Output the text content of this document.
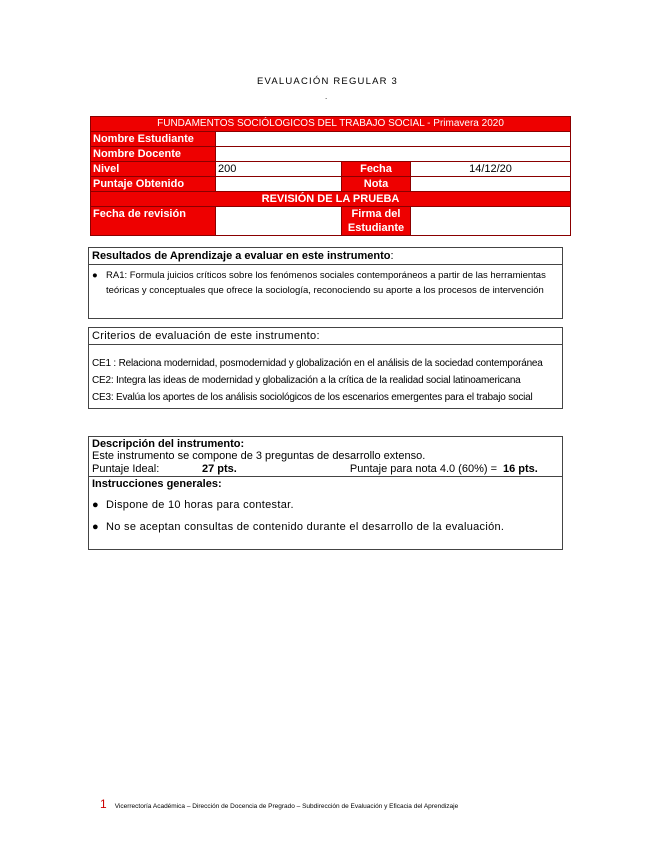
EVALUACIÓN REGULAR 3
.
FUNDAMENTOS SOCIÓLOGICOS DEL TRABAJO SOCIAL - Primavera 2020			
Nombre Estudiante			
Nombre Docente			
Nivel	200	Fecha	14/12/20
Puntaje Obtenido		Nota	
REVISIÓN DE LA PRUEBA			
Fecha de revisión		Firma del Estudiante	
Resultados de Aprendizaje a evaluar en este instrumento:
● RA1: Formula juicios críticos sobre los fenómenos sociales contemporáneos a partir de las herramientas teóricas y conceptuales que ofrece la sociología, reconociendo su aporte a los procesos de intervención
Criterios de evaluación de este instrumento:
CE1 : Relaciona modernidad, posmodernidad y globalización en el análisis de la sociedad contemporánea
CE2: Integra las ideas de modernidad y globalización a la crítica de la realidad social latinoamericana
CE3: Evalúa los aportes de los análisis sociológicos de los escenarios emergentes para el trabajo social
Descripción del instrumento:
Este instrumento se compone de 3 preguntas de desarrollo extenso.
Puntaje Ideal:	27 pts.	Puntaje para nota 4.0 (60%) = 16 pts.
Instrucciones generales:
● Dispone de 10 horas para contestar.
● No se aceptan consultas de contenido durante el desarrollo de la evaluación.
1 Vicerrectoría Académica – Dirección de Docencia de Pregrado – Subdirección de Evaluación y Eficacia del Aprendizaje
